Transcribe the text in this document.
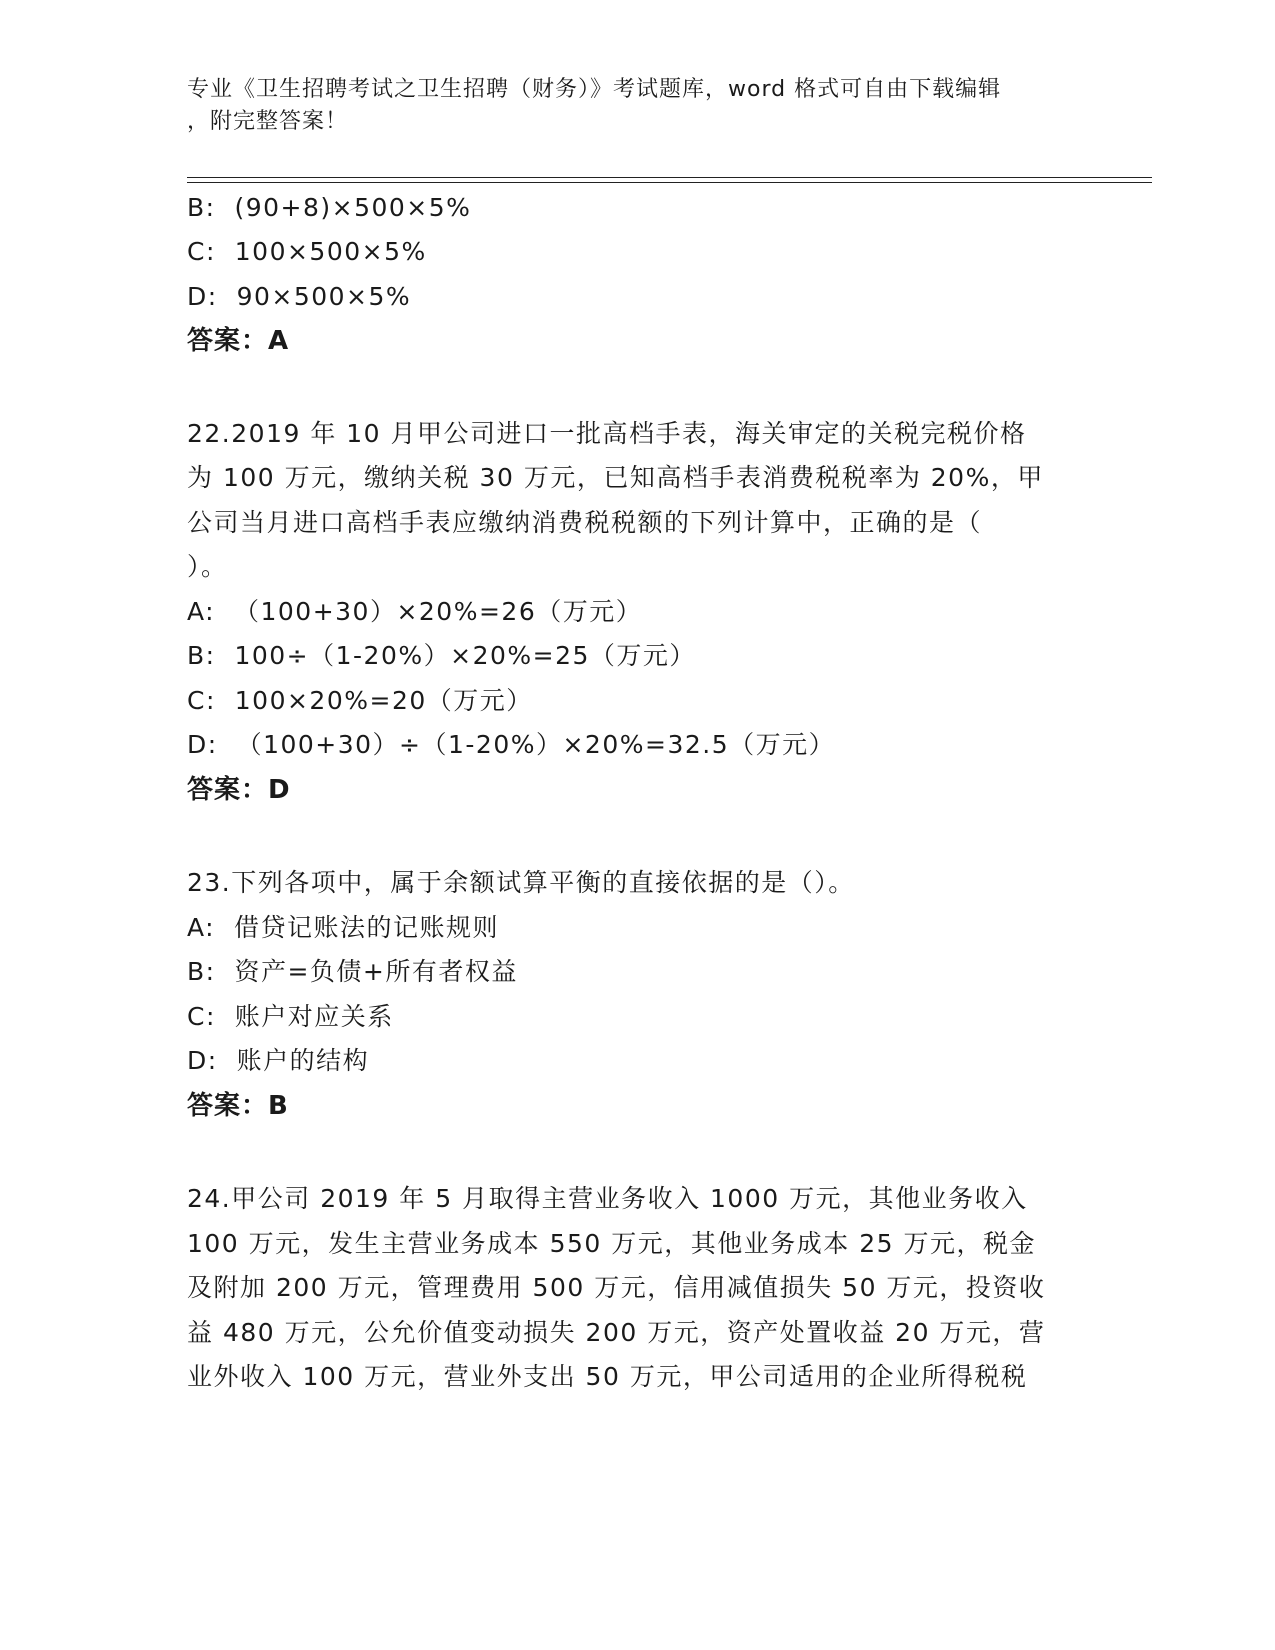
专业《卫生招聘考试之卫生招聘（财务）》考试题库，word 格式可自由下载编辑
，附完整答案！
B:  (90+8)×500×5%
C:  100×500×5%
D:  90×500×5%
答案：A
22.2019 年 10 月甲公司进口一批高档手表，海关审定的关税完税价格
为 100 万元，缴纳关税 30 万元，已知高档手表消费税税率为 20%，甲
公司当月进口高档手表应缴纳消费税税额的下列计算中，正确的是（
）。
A:  （100+30）×20%=26（万元）
B:  100÷（1-20%）×20%=25（万元）
C:  100×20%=20（万元）
D:  （100+30）÷（1-20%）×20%=32.5（万元）
答案：D
23.下列各项中，属于余额试算平衡的直接依据的是（）。
A:  借贷记账法的记账规则
B:  资产=负债+所有者权益
C:  账户对应关系
D:  账户的结构
答案：B
24.甲公司 2019 年 5 月取得主营业务收入 1000 万元，其他业务收入
100 万元，发生主营业务成本 550 万元，其他业务成本 25 万元，税金
及附加 200 万元，管理费用 500 万元，信用减值损失 50 万元，投资收
益 480 万元，公允价值变动损失 200 万元，资产处置收益 20 万元，营
业外收入 100 万元，营业外支出 50 万元，甲公司适用的企业所得税税
